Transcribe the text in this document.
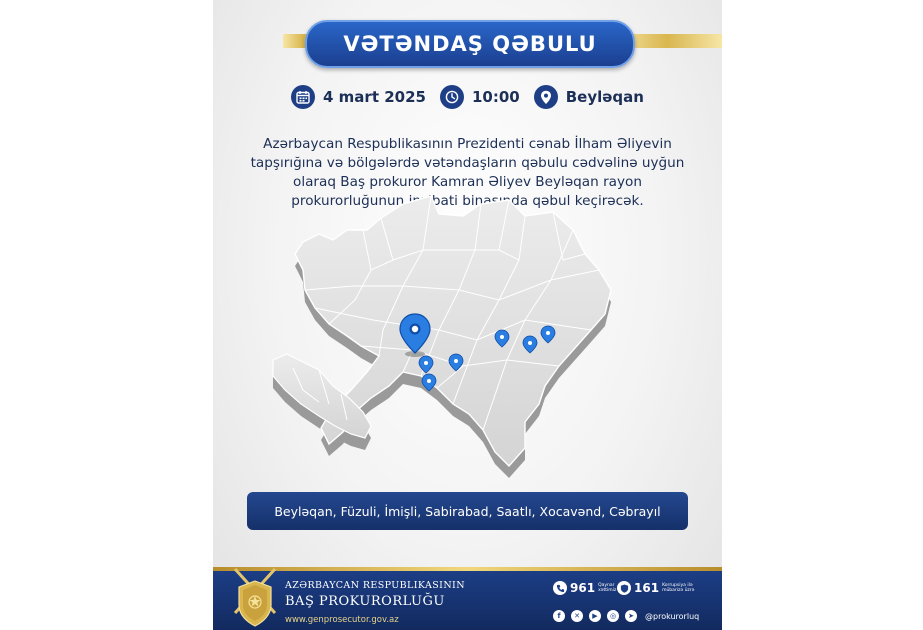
VƏTƏNDAŞ QƏBULU
4 mart 2025	10:00	Beyləqan

Azərbaycan Respublikasının Prezidenti cənab İlham Əliyevin tapşırığına və bölgələrdə vətəndaşların qəbulu cədvəlinə uyğun olaraq Baş prokuror Kamran Əliyev Beyləqan rayon prokurorluğunun inzibati binasında qəbul keçirəcək.

Beyləqan, Füzuli, İmişli, Sabirabad, Saatlı, Xocavənd, Cəbrayıl
AZƏRBAYCAN RESPUBLIKASININ
BAŞ PROKURORLUĞU
www.genprosecutor.gov.az
961 Qaynar xəttimiz	161 Korrupsiya ilə mübarizə üzrə
f	✕	▶	◎	➤	@prokurorluq
